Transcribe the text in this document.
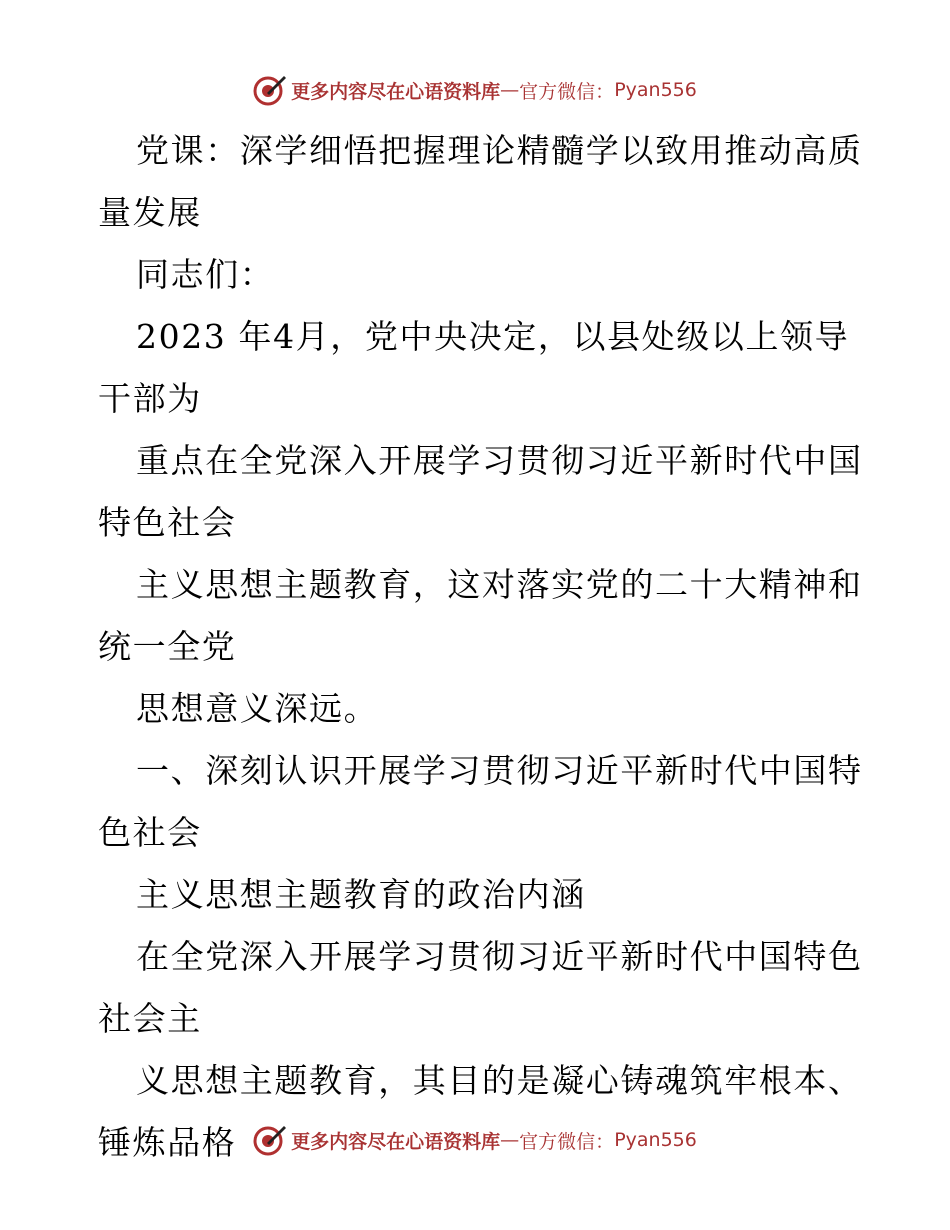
更多内容尽在心语资料库 — 官方微信： Pyan556
党课：深学细悟把握理论精髓学以致用推动高质
量发展
同志们：
2023 年4月，党中央决定，以县处级以上领导
干部为
重点在全党深入开展学习贯彻习近平新时代中国
特色社会
主义思想主题教育，这对落实党的二十大精神和
统一全党
思想意义深远。
一、深刻认识开展学习贯彻习近平新时代中国特
色社会
主义思想主题教育的政治内涵
在全党深入开展学习贯彻习近平新时代中国特色
社会主
义思想主题教育，其目的是凝心铸魂筑牢根本、
锤炼品格	更多内容尽在心语资料库 — 官方微信： Pyan556
